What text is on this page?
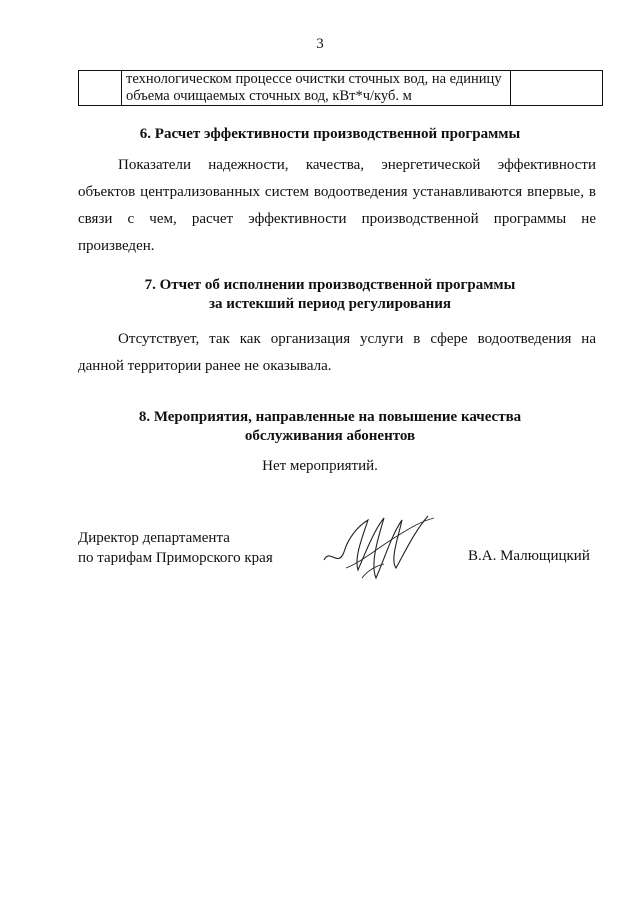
3

технологическом процессе очистки сточных вод, на единицу
объема очищаемых сточных вод, кВт*ч/куб. м

6. Расчет эффективности производственной программы
Показатели надежности, качества, энергетической эффективности объектов централизованных систем водоотведения устанавливаются впервые, в связи с чем, расчет эффективности производственной программы не произведен.
7. Отчет об исполнении производственной программы
за истекший период регулирования
Отсутствует, так как организация услуги в сфере водоотведения на данной территории ранее не оказывала.
8. Мероприятия, направленные на повышение качества
обслуживания абонентов
Нет мероприятий.
Директор департамента
по тарифам Приморского края	В.А. Малющицкий
